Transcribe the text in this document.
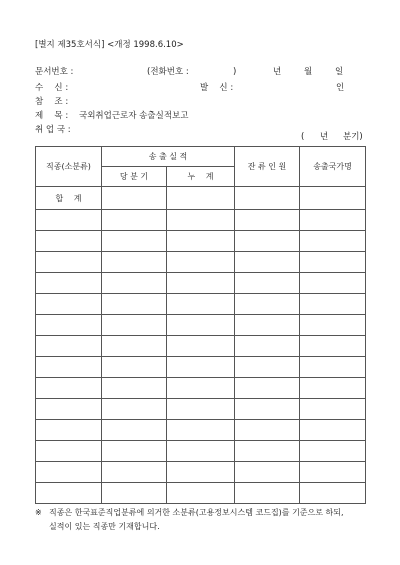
[별지 제35호서식] <개정 1998.6.10>
문서번호 :	(전화번호 :	)	년	월	일
수　 신 :	발　 신 :	인
참　 조 :
제　 목 : 국외취업근로자 송출실적보고
취 업 국 :
( 년 분기)
직종(소분류)	송 출 실 적		잔 류 인 원	송출국가명
	당 분 기	누　 계		
합　 계				

※ 직종은 한국표준직업분류에 의거한 소분류(고용정보시스템 코드집)를 기준으로 하되,
실적이 있는 직종만 기재합니다.
